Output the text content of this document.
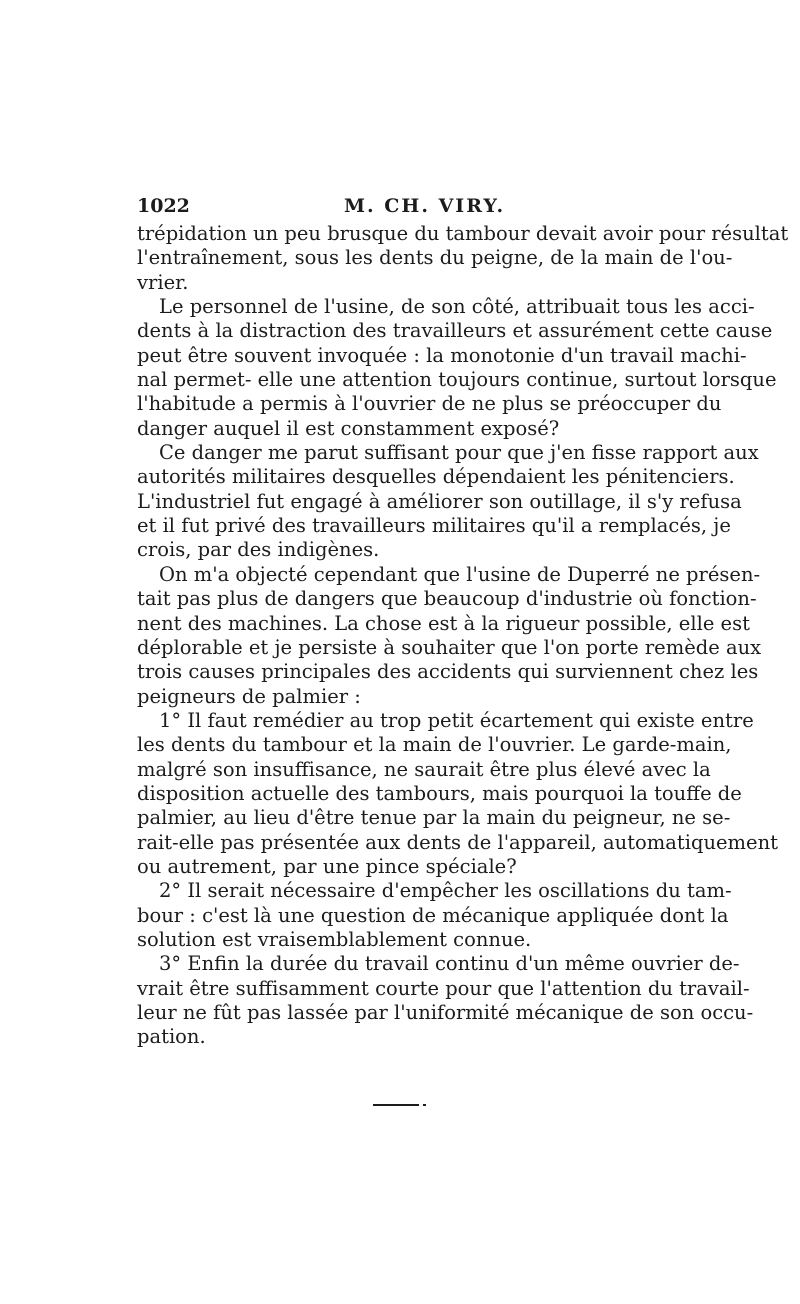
1022	M. CH. VIRY.
trépidation un peu brusque du tambour devait avoir pour résultat
l'entraînement, sous les dents du peigne, de la main de l'ou-
vrier.
Le personnel de l'usine, de son côté, attribuait tous les acci-
dents à la distraction des travailleurs et assurément cette cause
peut être souvent invoquée : la monotonie d'un travail machi-
nal permet- elle une attention toujours continue, surtout lorsque
l'habitude a permis à l'ouvrier de ne plus se préoccuper du
danger auquel il est constamment exposé?
Ce danger me parut suffisant pour que j'en fisse rapport aux
autorités militaires desquelles dépendaient les pénitenciers.
L'industriel fut engagé à améliorer son outillage, il s'y refusa
et il fut privé des travailleurs militaires qu'il a remplacés, je
crois, par des indigènes.
On m'a objecté cependant que l'usine de Duperré ne présen-
tait pas plus de dangers que beaucoup d'industrie où fonction-
nent des machines. La chose est à la rigueur possible, elle est
déplorable et je persiste à souhaiter que l'on porte remède aux
trois causes principales des accidents qui surviennent chez les
peigneurs de palmier :
1° Il faut remédier au trop petit écartement qui existe entre
les dents du tambour et la main de l'ouvrier. Le garde-main,
malgré son insuffisance, ne saurait être plus élevé avec la
disposition actuelle des tambours, mais pourquoi la touffe de
palmier, au lieu d'être tenue par la main du peigneur, ne se-
rait-elle pas présentée aux dents de l'appareil, automatiquement
ou autrement, par une pince spéciale?
2° Il serait nécessaire d'empêcher les oscillations du tam-
bour : c'est là une question de mécanique appliquée dont la
solution est vraisemblablement connue.
3° Enfin la durée du travail continu d'un même ouvrier de-
vrait être suffisamment courte pour que l'attention du travail-
leur ne fût pas lassée par l'uniformité mécanique de son occu-
pation.
